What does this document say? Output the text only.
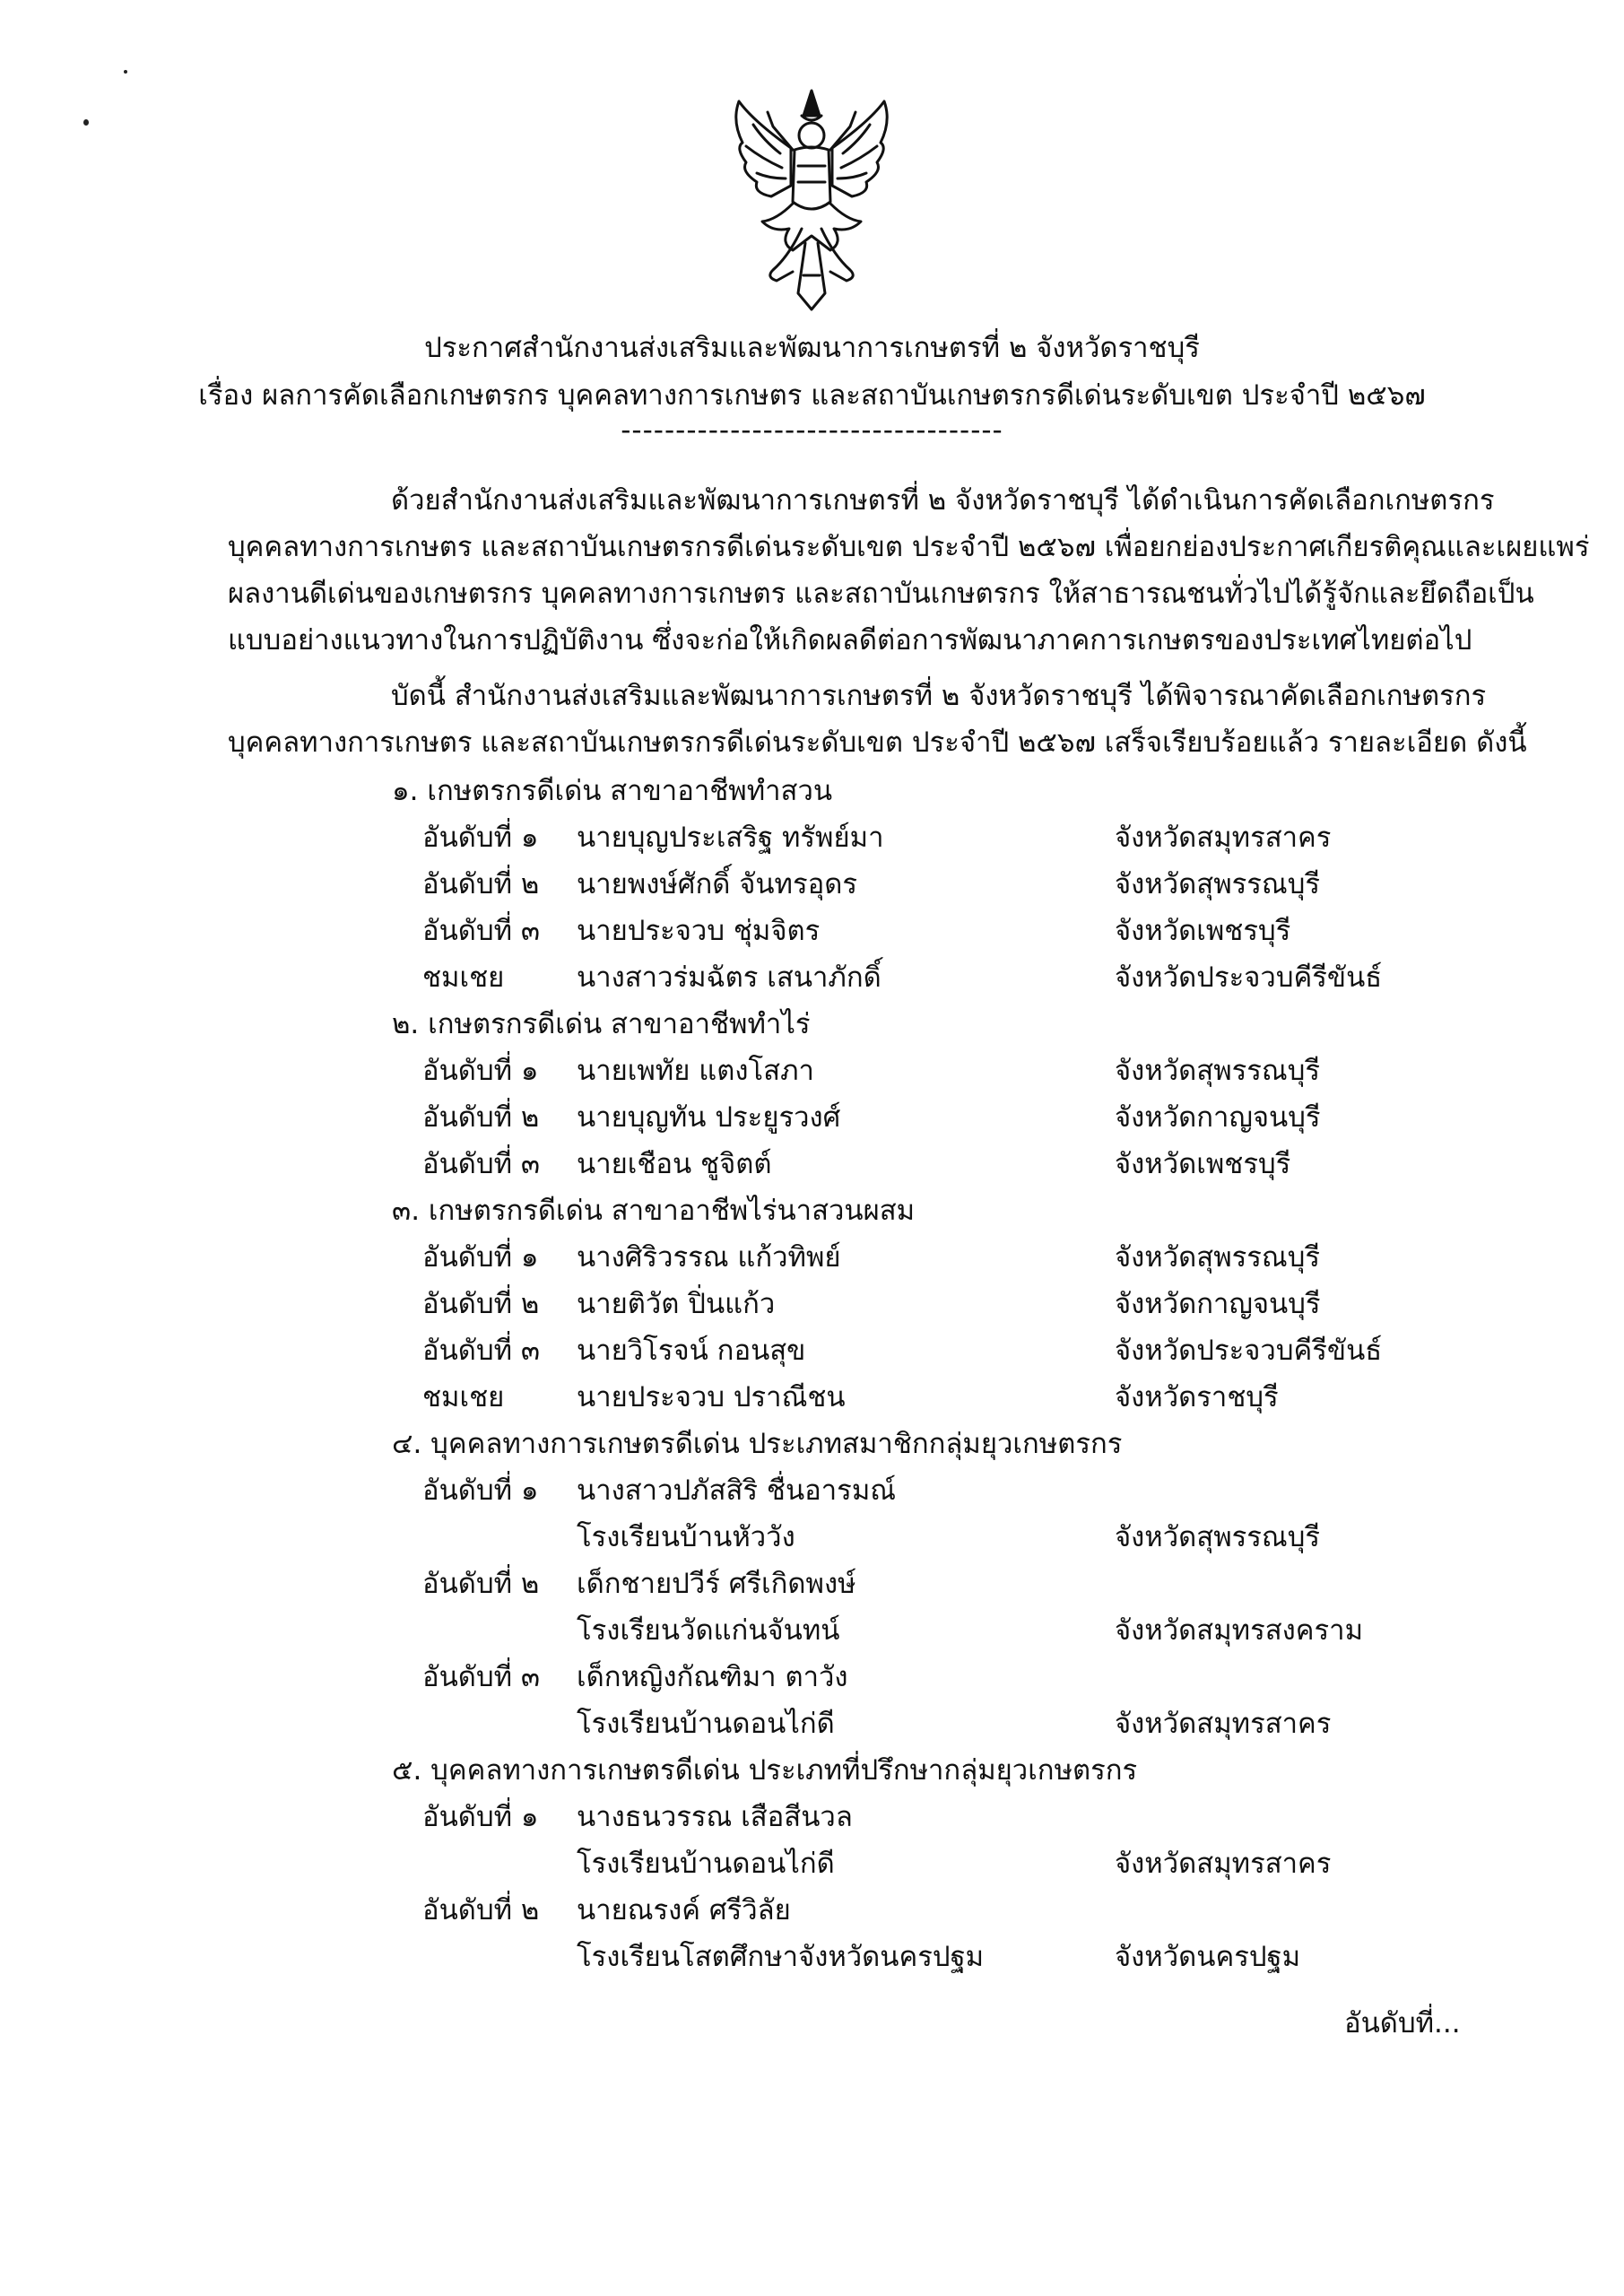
ประกาศสำนักงานส่งเสริมและพัฒนาการเกษตรที่ ๒ จังหวัดราชบุรี
เรื่อง ผลการคัดเลือกเกษตรกร บุคคลทางการเกษตร และสถาบันเกษตรกรดีเด่นระดับเขต ประจำปี ๒๕๖๗
-----------------------------------
ด้วยสำนักงานส่งเสริมและพัฒนาการเกษตรที่ ๒ จังหวัดราชบุรี ได้ดำเนินการคัดเลือกเกษตรกร
บุคคลทางการเกษตร และสถาบันเกษตรกรดีเด่นระดับเขต ประจำปี ๒๕๖๗ เพื่อยกย่องประกาศเกียรติคุณและเผยแพร่
ผลงานดีเด่นของเกษตรกร บุคคลทางการเกษตร และสถาบันเกษตรกร ให้สาธารณชนทั่วไปได้รู้จักและยึดถือเป็น
แบบอย่างแนวทางในการปฏิบัติงาน ซึ่งจะก่อให้เกิดผลดีต่อการพัฒนาภาคการเกษตรของประเทศไทยต่อไป
บัดนี้ สำนักงานส่งเสริมและพัฒนาการเกษตรที่ ๒ จังหวัดราชบุรี ได้พิจารณาคัดเลือกเกษตรกร
บุคคลทางการเกษตร และสถาบันเกษตรกรดีเด่นระดับเขต ประจำปี ๒๕๖๗ เสร็จเรียบร้อยแล้ว รายละเอียด ดังนี้
๑. เกษตรกรดีเด่น สาขาอาชีพทำสวน
อันดับที่ ๑ นายบุญประเสริฐ ทรัพย์มา	จังหวัดสมุทรสาคร
อันดับที่ ๒ นายพงษ์ศักดิ์ จันทรอุดร	จังหวัดสุพรรณบุรี
อันดับที่ ๓ นายประจวบ ชุ่มจิตร	จังหวัดเพชรบุรี
ชมเชย	นางสาวร่มฉัตร เสนาภักดิ์	จังหวัดประจวบคีรีขันธ์
๒. เกษตรกรดีเด่น สาขาอาชีพทำไร่
อันดับที่ ๑ นายเพทัย แตงโสภา	จังหวัดสุพรรณบุรี
อันดับที่ ๒ นายบุญทัน ประยูรวงศ์	จังหวัดกาญจนบุรี
อันดับที่ ๓ นายเชือน ชูจิตต์	จังหวัดเพชรบุรี
๓. เกษตรกรดีเด่น สาขาอาชีพไร่นาสวนผสม
อันดับที่ ๑ นางศิริวรรณ แก้วทิพย์	จังหวัดสุพรรณบุรี
อันดับที่ ๒ นายติวัต ปิ่นแก้ว	จังหวัดกาญจนบุรี
อันดับที่ ๓ นายวิโรจน์ กอนสุข	จังหวัดประจวบคีรีขันธ์
ชมเชย	นายประจวบ ปราณีชน	จังหวัดราชบุรี
๔. บุคคลทางการเกษตรดีเด่น ประเภทสมาชิกกลุ่มยุวเกษตรกร
อันดับที่ ๑ นางสาวปภัสสิริ ชื่นอารมณ์
โรงเรียนบ้านหัววัง	จังหวัดสุพรรณบุรี
อันดับที่ ๒ เด็กชายปวีร์ ศรีเกิดพงษ์
โรงเรียนวัดแก่นจันทน์	จังหวัดสมุทรสงคราม
อันดับที่ ๓ เด็กหญิงกัณฑิมา ตาวัง
โรงเรียนบ้านดอนไก่ดี	จังหวัดสมุทรสาคร
๕. บุคคลทางการเกษตรดีเด่น ประเภทที่ปรึกษากลุ่มยุวเกษตรกร
อันดับที่ ๑ นางธนวรรณ เสือสีนวล
โรงเรียนบ้านดอนไก่ดี	จังหวัดสมุทรสาคร
อันดับที่ ๒ นายณรงค์ ศรีวิลัย
โรงเรียนโสตศึกษาจังหวัดนครปฐม	จังหวัดนครปฐม
อันดับที่...
